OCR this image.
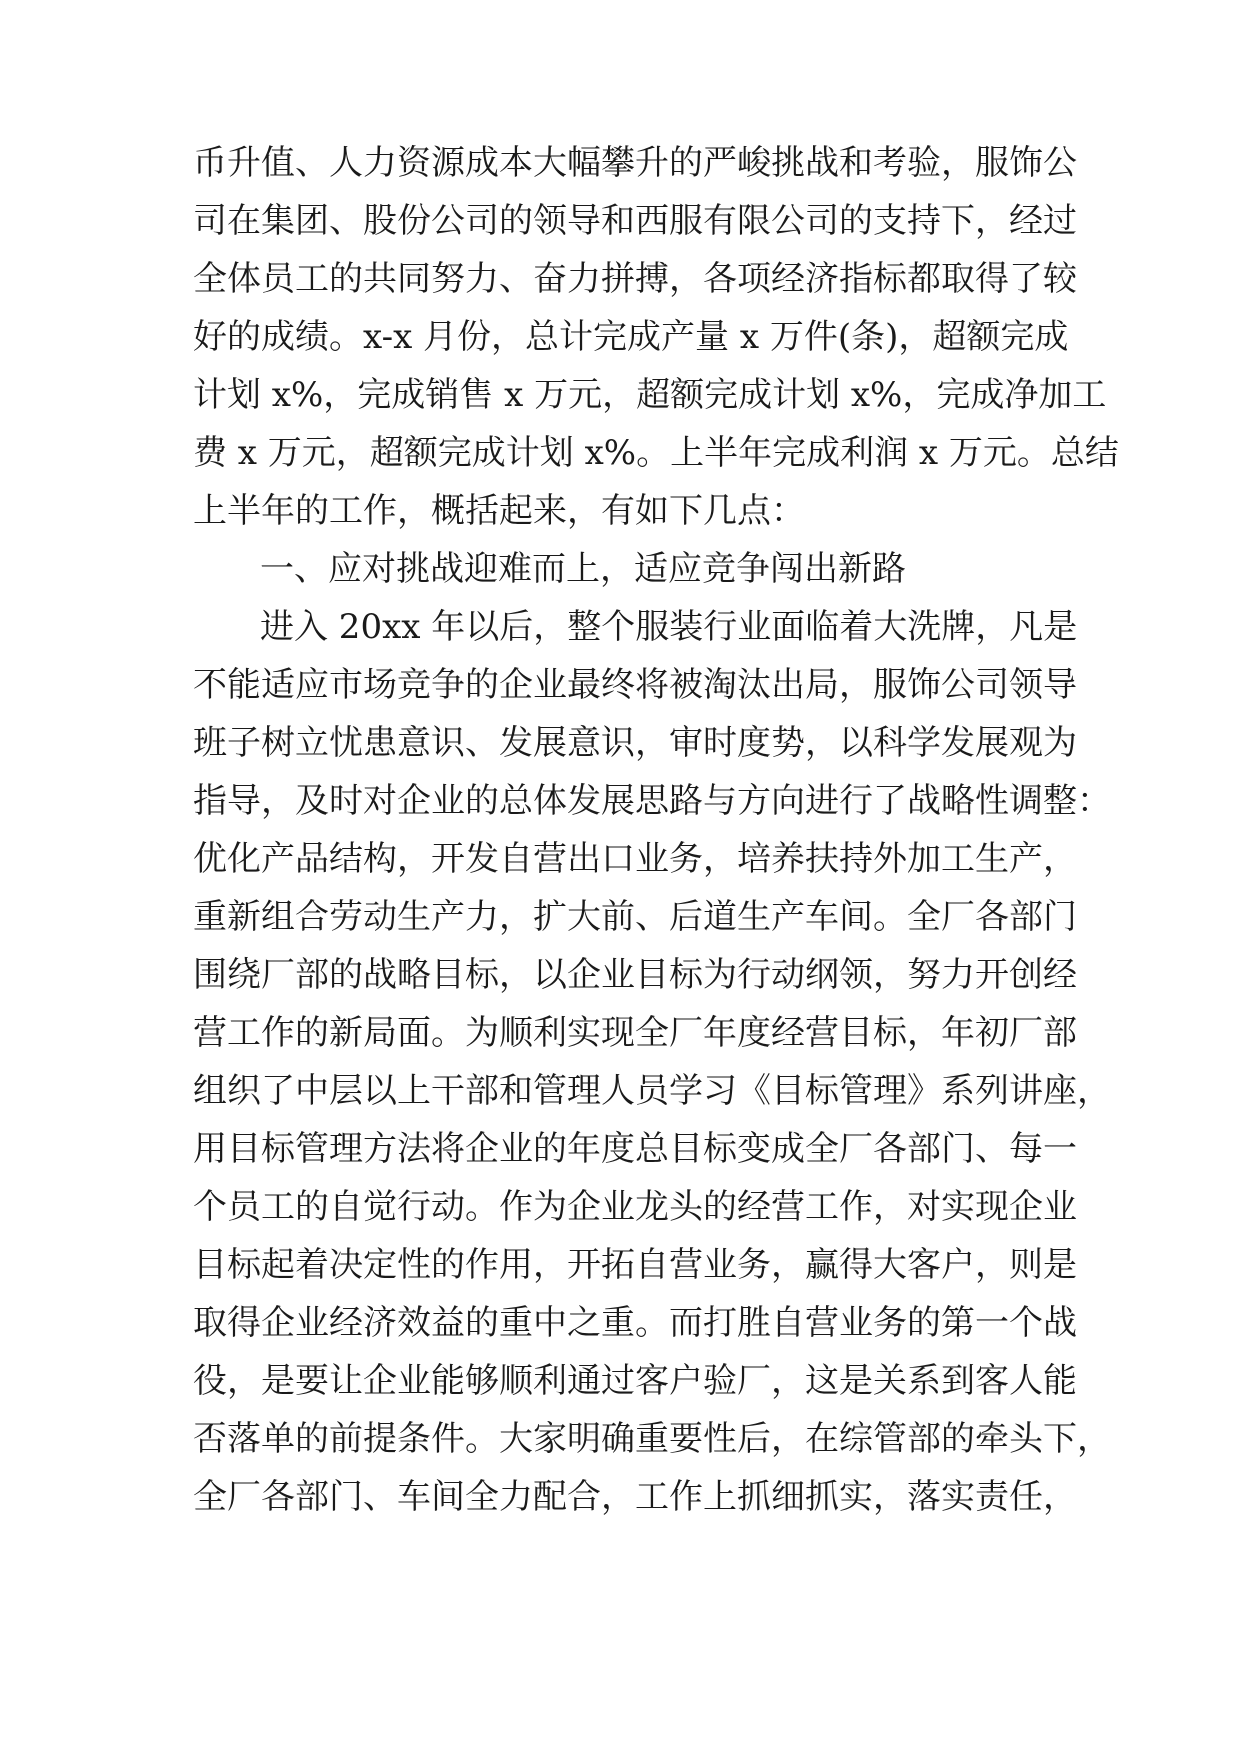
币升值、人力资源成本大幅攀升的严峻挑战和考验，服饰公
司在集团、股份公司的领导和西服有限公司的支持下，经过
全体员工的共同努力、奋力拼搏，各项经济指标都取得了较
好的成绩。x-x 月份，总计完成产量 x 万件(条)，超额完成
计划 x%，完成销售 x 万元，超额完成计划 x%，完成净加工
费 x 万元，超额完成计划 x%。上半年完成利润 x 万元。总结
上半年的工作，概括起来，有如下几点：
一、应对挑战迎难而上，适应竞争闯出新路
进入 20xx 年以后，整个服装行业面临着大洗牌，凡是
不能适应市场竞争的企业最终将被淘汰出局，服饰公司领导
班子树立忧患意识、发展意识，审时度势，以科学发展观为
指导，及时对企业的总体发展思路与方向进行了战略性调整：
优化产品结构，开发自营出口业务，培养扶持外加工生产，
重新组合劳动生产力，扩大前、后道生产车间。全厂各部门
围绕厂部的战略目标，以企业目标为行动纲领，努力开创经
营工作的新局面。为顺利实现全厂年度经营目标，年初厂部
组织了中层以上干部和管理人员学习《目标管理》系列讲座，
用目标管理方法将企业的年度总目标变成全厂各部门、每一
个员工的自觉行动。作为企业龙头的经营工作，对实现企业
目标起着决定性的作用，开拓自营业务，赢得大客户，则是
取得企业经济效益的重中之重。而打胜自营业务的第一个战
役，是要让企业能够顺利通过客户验厂，这是关系到客人能
否落单的前提条件。大家明确重要性后，在综管部的牵头下，
全厂各部门、车间全力配合，工作上抓细抓实，落实责任，
